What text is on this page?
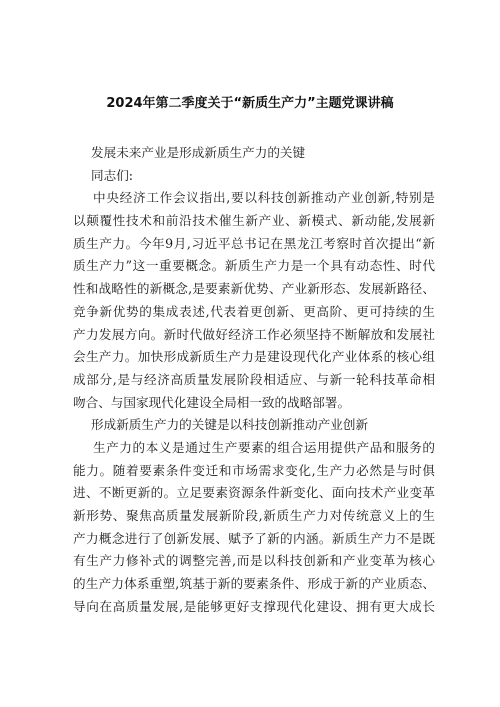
2024年第二季度关于“新质生产力”主题党课讲稿
发展未来产业是形成新质生产力的关键
同志们:
中央经济工作会议指出,要以科技创新推动产业创新,特别是
以颠覆性技术和前沿技术催生新产业、新模式、新动能,发展新
质生产力。今年9月,习近平总书记在黑龙江考察时首次提出“新
质生产力”这一重要概念。新质生产力是一个具有动态性、时代
性和战略性的新概念,是要素新优势、产业新形态、发展新路径、
竞争新优势的集成表述,代表着更创新、更高阶、更可持续的生
产力发展方向。新时代做好经济工作必须坚持不断解放和发展社
会生产力。加快形成新质生产力是建设现代化产业体系的核心组
成部分,是与经济高质量发展阶段相适应、与新一轮科技革命相
吻合、与国家现代化建设全局相一致的战略部署。
形成新质生产力的关键是以科技创新推动产业创新
生产力的本义是通过生产要素的组合运用提供产品和服务的
能力。随着要素条件变迁和市场需求变化,生产力必然是与时俱
进、不断更新的。立足要素资源条件新变化、面向技术产业变革
新形势、聚焦高质量发展新阶段,新质生产力对传统意义上的生
产力概念进行了创新发展、赋予了新的内涵。新质生产力不是既
有生产力修补式的调整完善,而是以科技创新和产业变革为核心
的生产力体系重塑,筑基于新的要素条件、形成于新的产业质态、
导向在高质量发展,是能够更好支撑现代化建设、拥有更大成长
